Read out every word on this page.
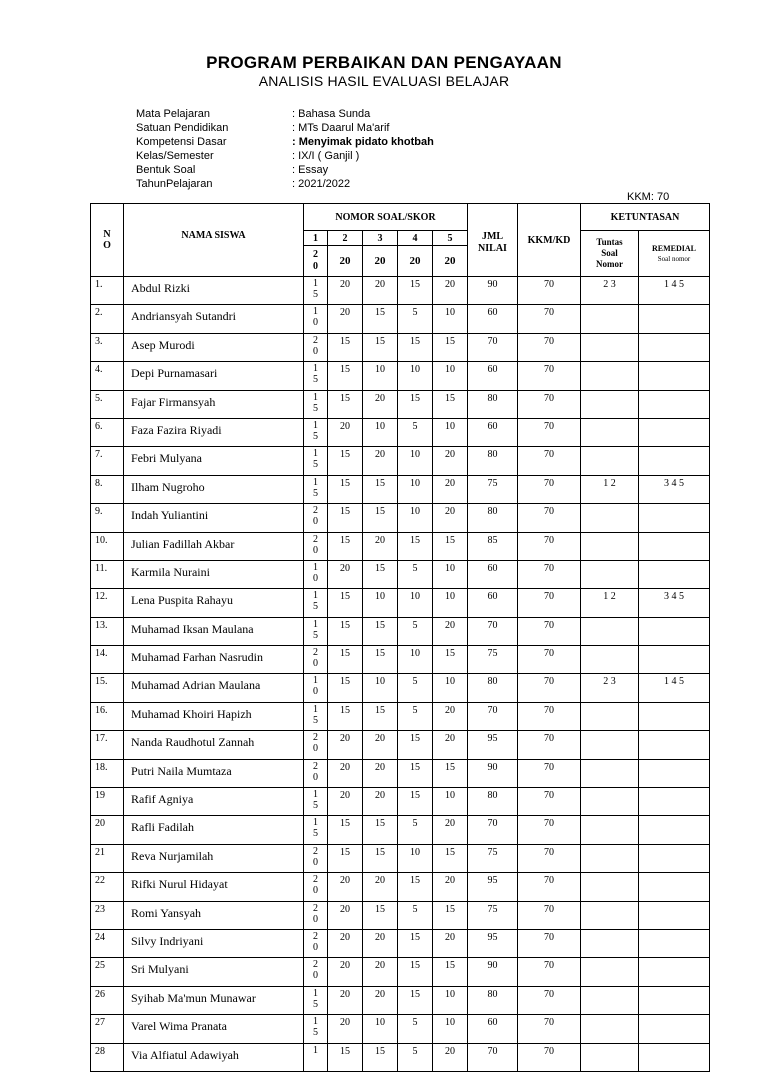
PROGRAM PERBAIKAN DAN PENGAYAAN
ANALISIS HASIL EVALUASI BELAJAR
Mata Pelajaran	: Bahasa Sunda
Satuan Pendidikan	: MTs Daarul Ma'arif
Kompetensi Dasar	: Menyimak pidato khotbah
Kelas/Semester	: IX/I ( Ganjil )
Bentuk Soal	: Essay
TahunPelajaran	: 2021/2022
KKM: 70
N O	NAMA SISWA	NOMOR SOAL/SKOR					JML NILAI	KKM/KD	KETUNTASAN	
		1	2	3	4	5			Tuntas Soal Nomor	REMEDIAL
Soal nomor

		2 0	20	20	20	20				
1.	Abdul Rizki	1 5	20	20	15	20	90	70	2 3	1 4 5
2.	Andriansyah Sutandri	1 0	20	15	5	10	60	70		
3.	Asep Murodi	2 0	15	15	15	15	70	70		
4.	Depi Purnamasari	1 5	15	10	10	10	60	70		
5.	Fajar Firmansyah	1 5	15	20	15	15	80	70		
6.	Faza Fazira Riyadi	1 5	20	10	5	10	60	70		
7.	Febri Mulyana	1 5	15	20	10	20	80	70		
8.	Ilham Nugroho	1 5	15	15	10	20	75	70	1 2	3 4 5
9.	Indah Yuliantini	2 0	15	15	10	20	80	70		
10.	Julian Fadillah Akbar	2 0	15	20	15	15	85	70		
11.	Karmila Nuraini	1 0	20	15	5	10	60	70		
12.	Lena Puspita Rahayu	1 5	15	10	10	10	60	70	1 2	3 4 5
13.	Muhamad Iksan Maulana	1 5	15	15	5	20	70	70		
14.	Muhamad Farhan Nasrudin	2 0	15	15	10	15	75	70		
15.	Muhamad Adrian Maulana	1 0	15	10	5	10	80	70	2 3	1 4 5
16.	Muhamad Khoiri Hapizh	1 5	15	15	5	20	70	70		
17.	Nanda Raudhotul Zannah	2 0	20	20	15	20	95	70		
18.	Putri Naila Mumtaza	2 0	20	20	15	15	90	70		
19	Rafif Agniya	1 5	20	20	15	10	80	70		
20	Rafli Fadilah	1 5	15	15	5	20	70	70		
21	Reva Nurjamilah	2 0	15	15	10	15	75	70		
22	Rifki Nurul Hidayat	2 0	20	20	15	20	95	70		
23	Romi Yansyah	2 0	20	15	5	15	75	70		
24	Silvy Indriyani	2 0	20	20	15	20	95	70		
25	Sri Mulyani	2 0	20	20	15	15	90	70		
26	Syihab Ma'mun Munawar	1 5	20	20	15	10	80	70		
27	Varel Wima Pranata	1 5	20	10	5	10	60	70		
28	Via Alfiatul Adawiyah	1	15	15	5	20	70	70		
